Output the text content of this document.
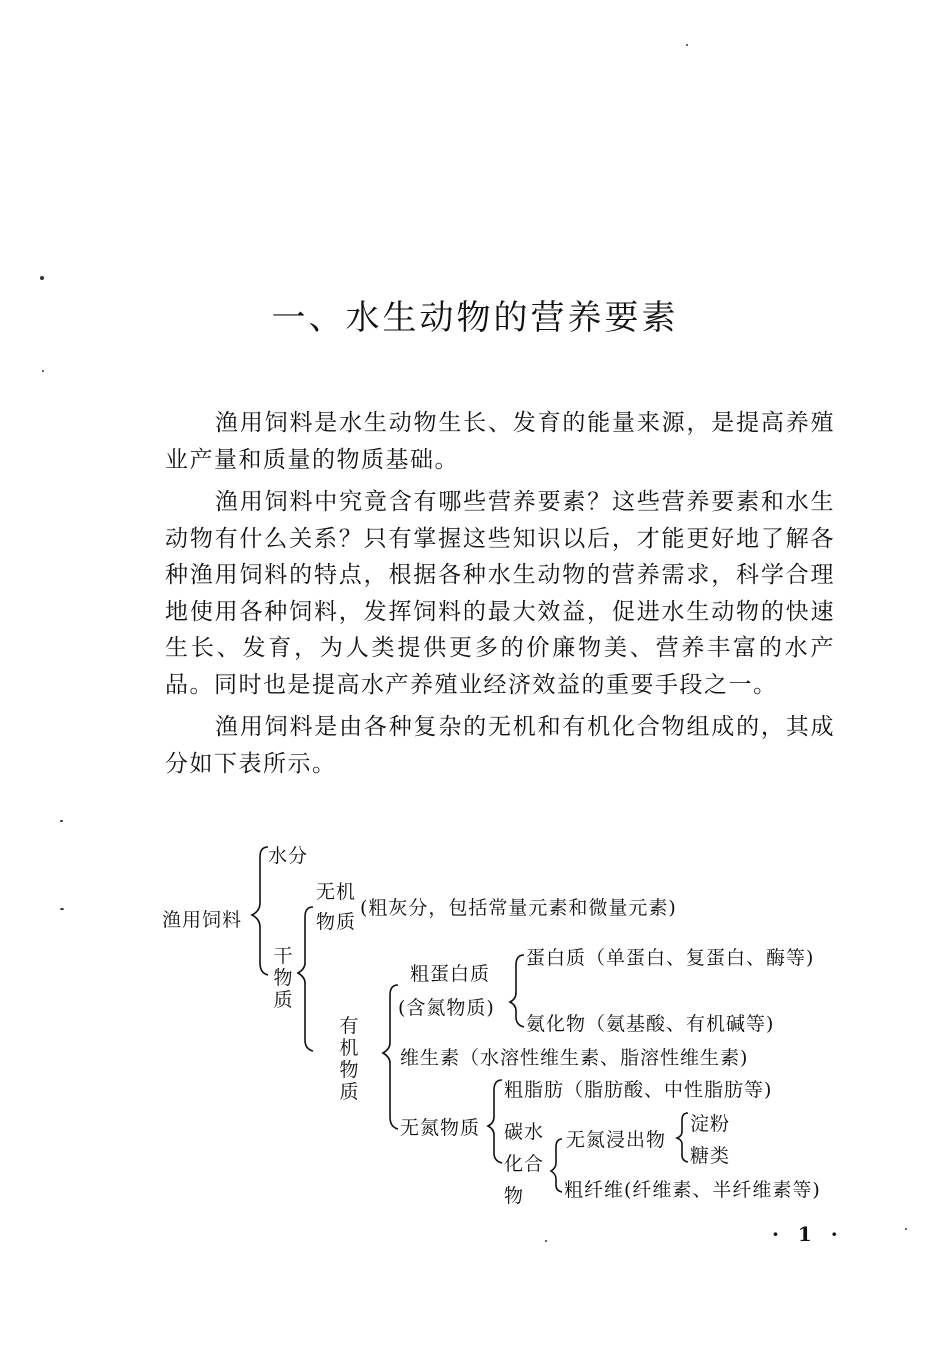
一、水生动物的营养要素

渔用饲料是水生动物生长、发育的能量来源，是提高养殖业产量和质量的物质基础。

渔用饲料中究竟含有哪些营养要素？这些营养要素和水生动物有什么关系？只有掌握这些知识以后，才能更好地了解各种渔用饲料的特点，根据各种水生动物的营养需求，科学合理地使用各种饲料，发挥饲料的最大效益，促进水生动物的快速生长、发育，为人类提供更多的价廉物美、营养丰富的水产品。同时也是提高水产养殖业经济效益的重要手段之一。

渔用饲料是由各种复杂的无机和有机化合物组成的，其成分如下表所示。

渔用饲料
水分
干物质
无机
物质
(粗灰分，包括常量元素和微量元素)
有机物质
粗蛋白质
(含氮物质)
蛋白质（单蛋白、复蛋白、酶等)
氨化物（氨基酸、有机碱等)
维生素（水溶性维生素、脂溶性维生素)
无氮物质
粗脂肪（脂肪酸、中性脂肪等)
碳水
化合
物
无氮浸出物
淀粉
糖类
粗纤维(纤维素、半纤维素等)
· 1 ·
